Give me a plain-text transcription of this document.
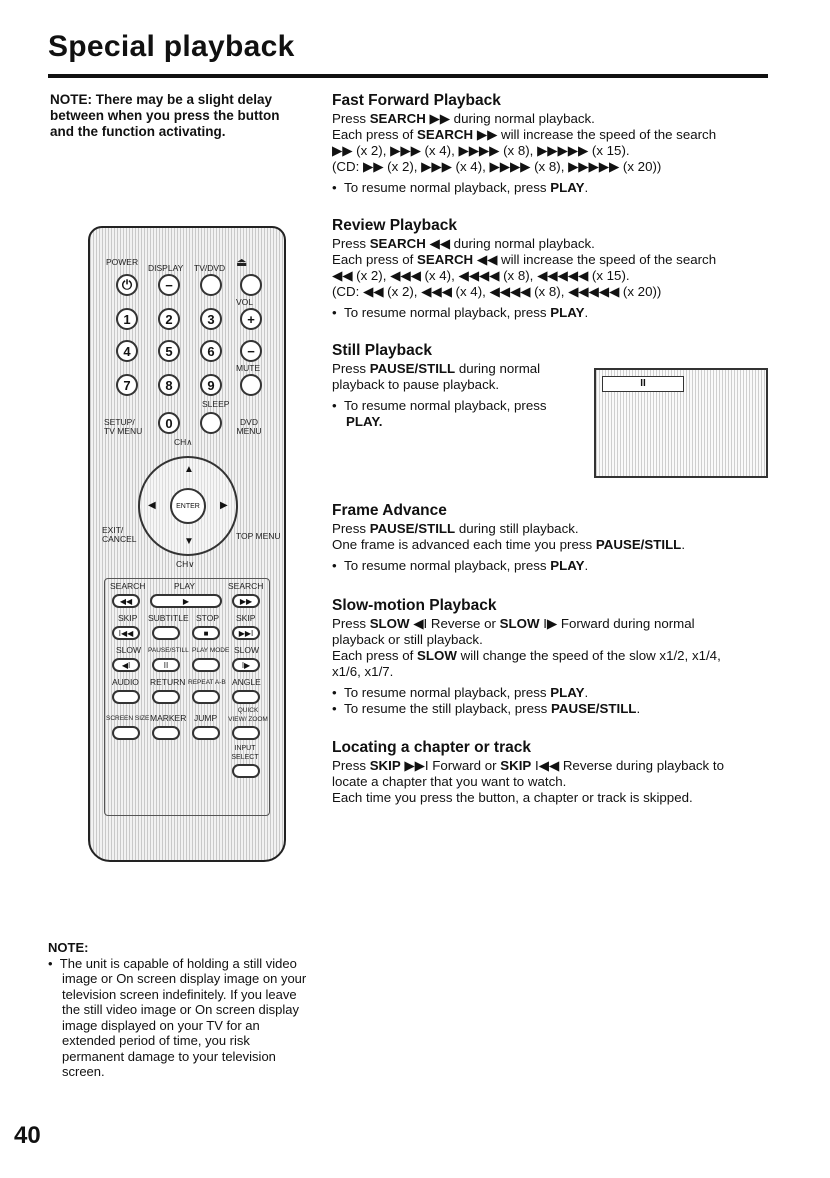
Special playback
NOTE: There may be a slight delay between when you press the button and the function activating.
POWER
DISPLAY TV/DVD ⏏
⏻	−
VOL
1	2	3	+
4	5	6	−
MUTE
7	8	9
SLEEP
SETUP/ TV MENU
DVD MENU
0
CH∧
▲
▼
◀	▶
ENTER
EXIT/ CANCEL	TOP MENU
CH∨
SEARCH	PLAY	SEARCH
◀◀	▶	▶▶
SKIP SUBTITLE STOP SKIP
I◀◀	■	▶▶I
SLOW PAUSE/STILL PLAY MODE SLOW
◀I	II	I▶
AUDIO RETURN REPEAT A-B ANGLE
SCREEN SIZE MARKER JUMP
QUICK VIEW/ ZOOM
INPUT SELECT
Fast Forward Playback

Press SEARCH ▶▶ during normal playback.

Each press of SEARCH ▶▶ will increase the speed of the search

▶▶ (x 2), ▶▶▶ (x 4), ▶▶▶▶ (x 8), ▶▶▶▶▶ (x 15).

(CD: ▶▶ (x 2), ▶▶▶ (x 4), ▶▶▶▶ (x 8), ▶▶▶▶▶ (x 20))

•  To resume normal playback, press PLAY.
Review Playback

Press SEARCH ◀◀ during normal playback.

Each press of SEARCH ◀◀ will increase the speed of the search

◀◀ (x 2), ◀◀◀ (x 4), ◀◀◀◀ (x 8), ◀◀◀◀◀ (x 15).

(CD: ◀◀ (x 2), ◀◀◀ (x 4), ◀◀◀◀ (x 8), ◀◀◀◀◀ (x 20))

•  To resume normal playback, press PLAY.
Still Playback

Press PAUSE/STILL during normal

playback to pause playback.

•  To resume normal playback, press
PLAY.
II
Frame Advance

Press PAUSE/STILL during still playback.

One frame is advanced each time you press PAUSE/STILL.

•  To resume normal playback, press PLAY.
Slow-motion Playback

Press SLOW ◀I Reverse or SLOW I▶ Forward during normal

playback or still playback.

Each press of SLOW will change the speed of the slow x1/2, x1/4,

x1/6, x1/7.

•  To resume normal playback, press PLAY.
•  To resume the still playback, press PAUSE/STILL.
Locating a chapter or track

Press SKIP ▶▶I Forward or SKIP I◀◀ Reverse during playback to

locate a chapter that you want to watch.

Each time you press the button, a chapter or track is skipped.

NOTE:
•  The unit is capable of holding a still video image or On screen display image on your television screen indefinitely. If you leave the still video image or On screen display image displayed on your TV for an extended period of time, you risk permanent damage to your television screen.
40
